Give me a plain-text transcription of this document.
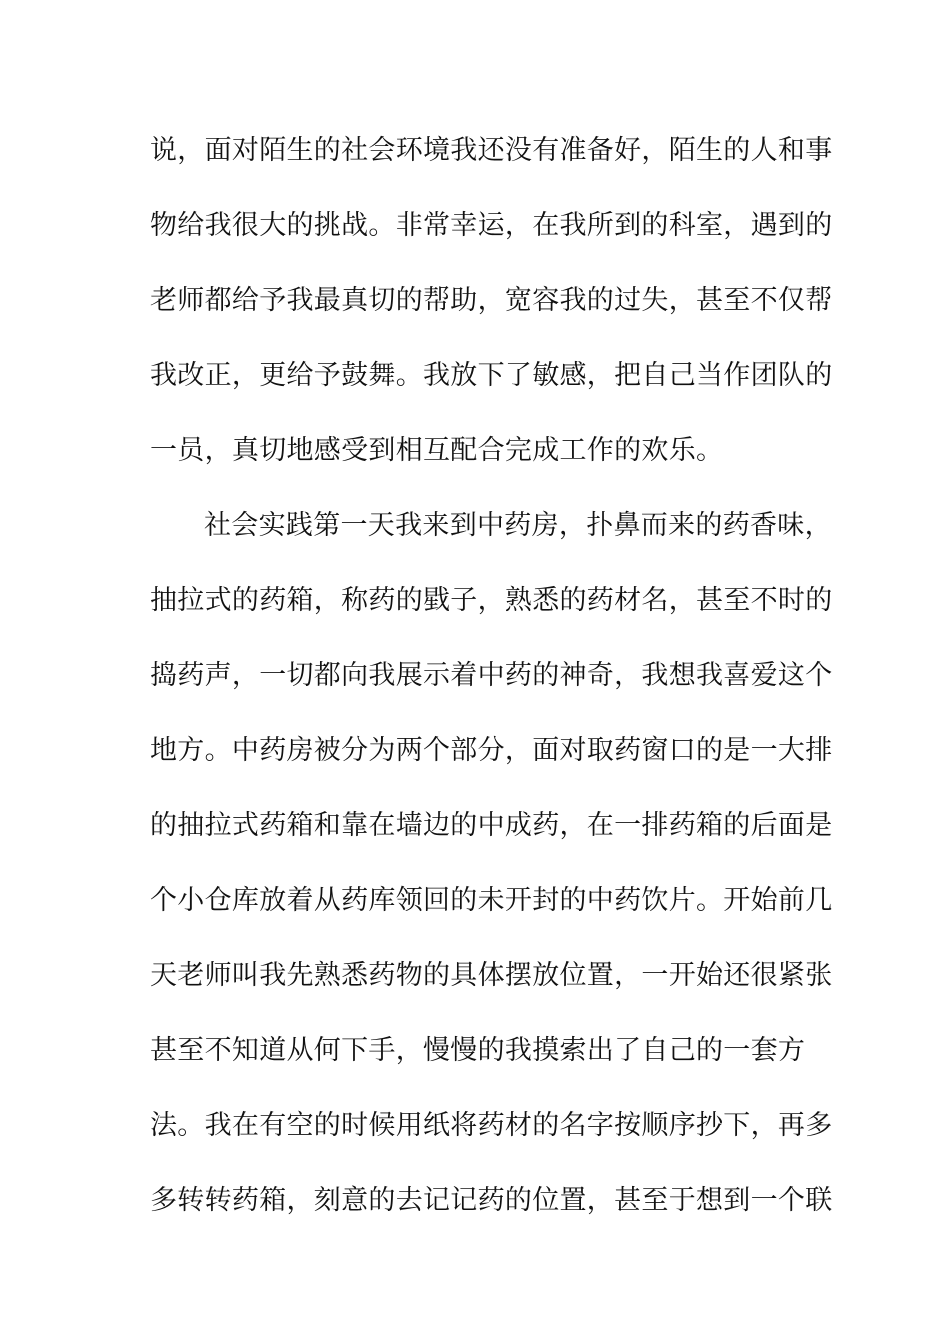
说，面对陌生的社会环境我还没有准备好，陌生的人和事
物给我很大的挑战。非常幸运，在我所到的科室，遇到的
老师都给予我最真切的帮助，宽容我的过失，甚至不仅帮
我改正，更给予鼓舞。我放下了敏感，把自己当作团队的
一员，真切地感受到相互配合完成工作的欢乐。
社会实践第一天我来到中药房，扑鼻而来的药香味，
抽拉式的药箱，称药的戥子，熟悉的药材名，甚至不时的
捣药声，一切都向我展示着中药的神奇，我想我喜爱这个
地方。中药房被分为两个部分，面对取药窗口的是一大排
的抽拉式药箱和靠在墙边的中成药，在一排药箱的后面是
个小仓库放着从药库领回的未开封的中药饮片。开始前几
天老师叫我先熟悉药物的具体摆放位置，一开始还很紧张
甚至不知道从何下手，慢慢的我摸索出了自己的一套方
法。我在有空的时候用纸将药材的名字按顺序抄下，再多
多转转药箱，刻意的去记记药的位置，甚至于想到一个联
